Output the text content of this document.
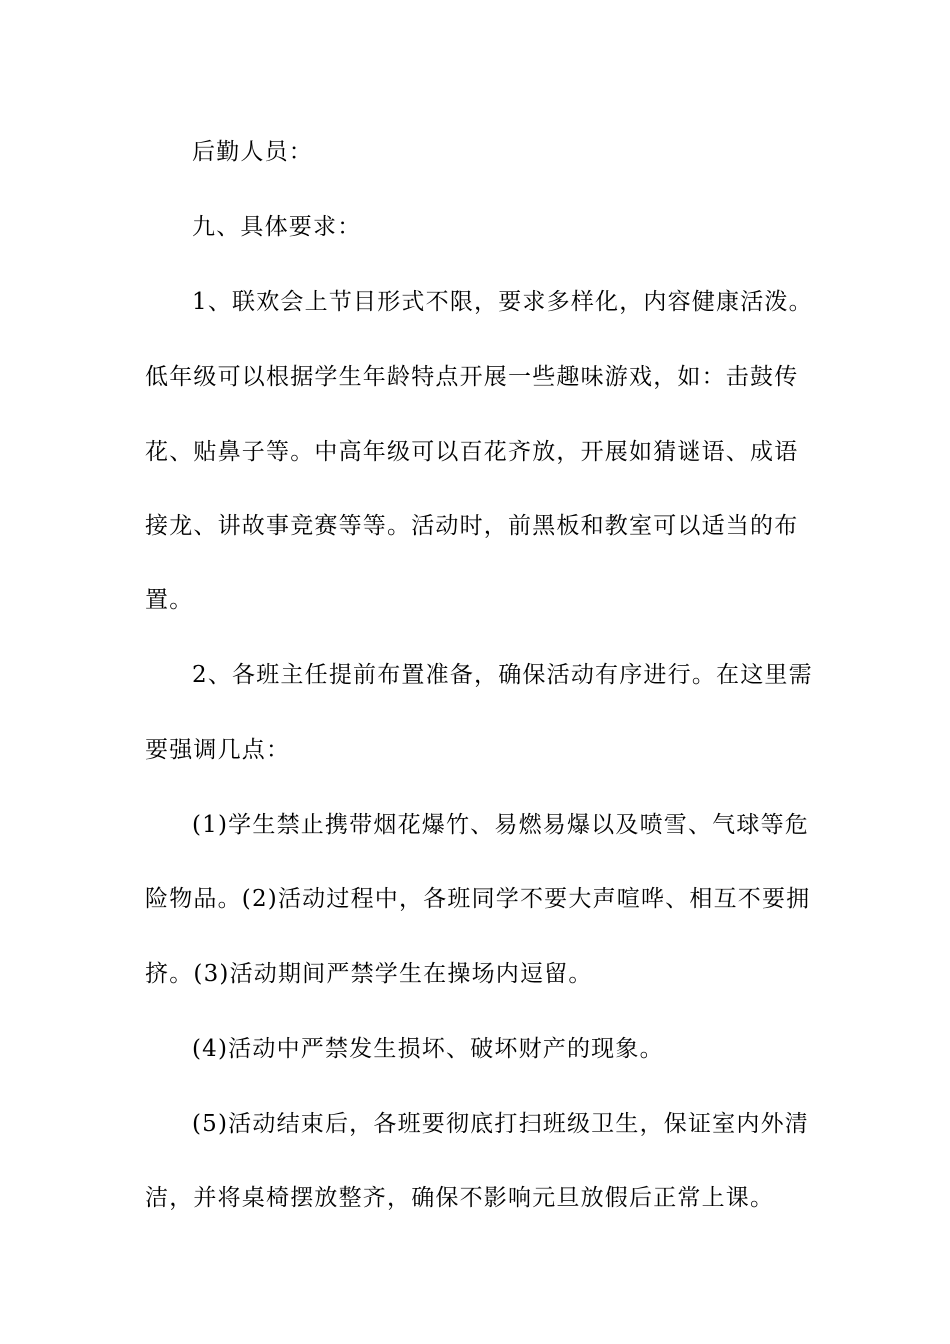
后勤人员：
九、具体要求：
1、联欢会上节目形式不限，要求多样化，内容健康活泼。
低年级可以根据学生年龄特点开展一些趣味游戏，如：击鼓传
花、贴鼻子等。中高年级可以百花齐放，开展如猜谜语、成语
接龙、讲故事竞赛等等。活动时，前黑板和教室可以适当的布
置。
2、各班主任提前布置准备，确保活动有序进行。在这里需
要强调几点：
(1)学生禁止携带烟花爆竹、易燃易爆以及喷雪、气球等危
险物品。(2)活动过程中，各班同学不要大声喧哗、相互不要拥
挤。(3)活动期间严禁学生在操场内逗留。
(4)活动中严禁发生损坏、破坏财产的现象。
(5)活动结束后，各班要彻底打扫班级卫生，保证室内外清
洁，并将桌椅摆放整齐，确保不影响元旦放假后正常上课。
